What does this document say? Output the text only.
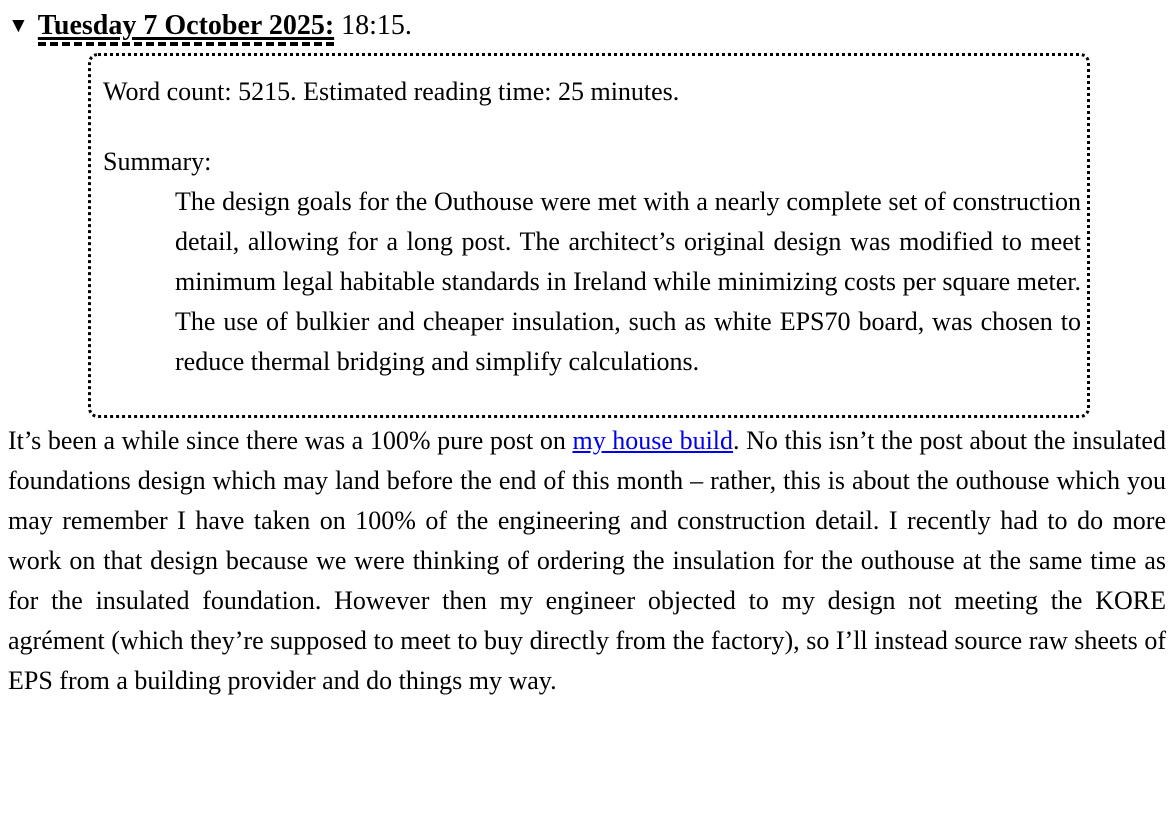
▼ Tuesday 7 October 2025: 18:15.

Word count: 5215. Estimated reading time: 25 minutes.

Summary:

The design goals for the Outhouse were met with a nearly complete set of construction detail, allowing for a long post. The architect’s original design was modified to meet minimum legal habitable standards in Ireland while minimizing costs per square meter. The use of bulkier and cheaper insulation, such as white EPS70 board, was chosen to reduce thermal bridging and simplify calculations.

It’s been a while since there was a 100% pure post on my house build. No this isn’t the post about the insulated foundations design which may land before the end of this month – rather, this is about the outhouse which you may remember I have taken on 100% of the engineering and construction detail. I recently had to do more work on that design because we were thinking of ordering the insulation for the outhouse at the same time as for the insulated foundation. However then my engineer objected to my design not meeting the KORE agrément (which they’re supposed to meet to buy directly from the factory), so I’ll instead source raw sheets of EPS from a building provider and do things my way.
